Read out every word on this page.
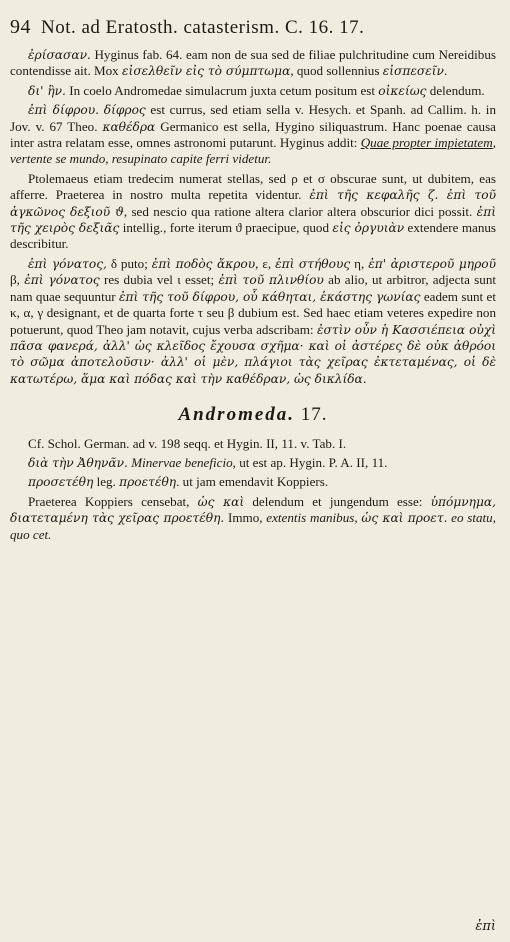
94 Not. ad Eratosth. catasterism. C. 16. 17.

ἐρίσασαν. Hyginus fab. 64. eam non de sua sed de filiae pulchritudine cum Nereidibus contendisse ait. Mox εἰσελθεῖν εἰς τὸ σύμπτωμα, quod sollennius εἰσπεσεῖν.

δι' ἣν. In coelo Andromedae simulacrum juxta cetum positum est οἰκείως delendum.

ἐπὶ δίφρου. δίφρος est currus, sed etiam sella v. Hesych. et Spanh. ad Callim. h. in Jov. v. 67 Theo. καθέδρα Germanico est sella, Hygino siliquastrum. Hanc poenae causa inter astra relatam esse, omnes astronomi putarunt. Hyginus addit: Quae propter impietatem, vertente se mundo, resupinato capite ferri videtur.

Ptolemaeus etiam tredecim numerat stellas, sed ρ et σ obscurae sunt, ut dubitem, eas afferre. Praeterea in nostro multa repetita videntur. ἐπὶ τῆς κεφαλῆς ζ. ἐπὶ τοῦ ἀγκῶνος δεξιοῦ ϑ, sed nescio qua ratione altera clarior altera obscurior dici possit. ἐπὶ τῆς χειρὸς δεξιᾶς intellig., forte iterum ϑ praecipue, quod εἰς ὀργυιὰν extendere manus describitur.

ἐπὶ γόνατος, δ puto; ἐπὶ ποδὸς ἄκρου, ε, ἐπὶ στήθους η, ἐπ' ἀριστεροῦ μηροῦ β, ἐπὶ γόνατος res dubia vel ι esset; ἐπὶ τοῦ πλινθίου ab alio, ut arbitror, adjecta sunt nam quae sequuntur ἐπὶ τῆς τοῦ δίφρου, οὗ κάθηται, ἑκάστης γωνίας eadem sunt et κ, α, γ designant, et de quarta forte τ seu β dubium est. Sed haec etiam veteres expedire non potuerunt, quod Theo jam notavit, cujus verba adscribam: ἐστὶν οὖν ἡ Κασσιέπεια οὐχὶ πᾶσα φανερά, ἀλλ' ὡς κλεῖδος ἔχουσα σχῆμα· καὶ οἱ ἀστέρες δὲ οὐκ ἀθρόοι τὸ σῶμα ἀποτελοῦσιν· ἀλλ' οἱ μὲν, πλάγιοι τὰς χεῖρας ἐκτεταμένας, οἱ δὲ κατωτέρω, ἅμα καὶ πόδας καὶ τὴν καθέδραν, ὡς δικλίδα.

Andromeda. 17.

Cf. Schol. German. ad v. 198 seqq. et Hygin. II, 11. v. Tab. I.

διὰ τὴν Ἀθηνᾶν. Minervae beneficio, ut est ap. Hygin. P. A. II, 11.

προσετέθη leg. προετέθη. ut jam emendavit Koppiers.

Praeterea Koppiers censebat, ὡς καὶ delendum et jungendum esse: ὑπόμνημα, διατεταμένη τὰς χεῖρας προετέθη. Immo, extentis manibus, ὡς καὶ προετ. eo statu, quo cet.

ἐπὶ
